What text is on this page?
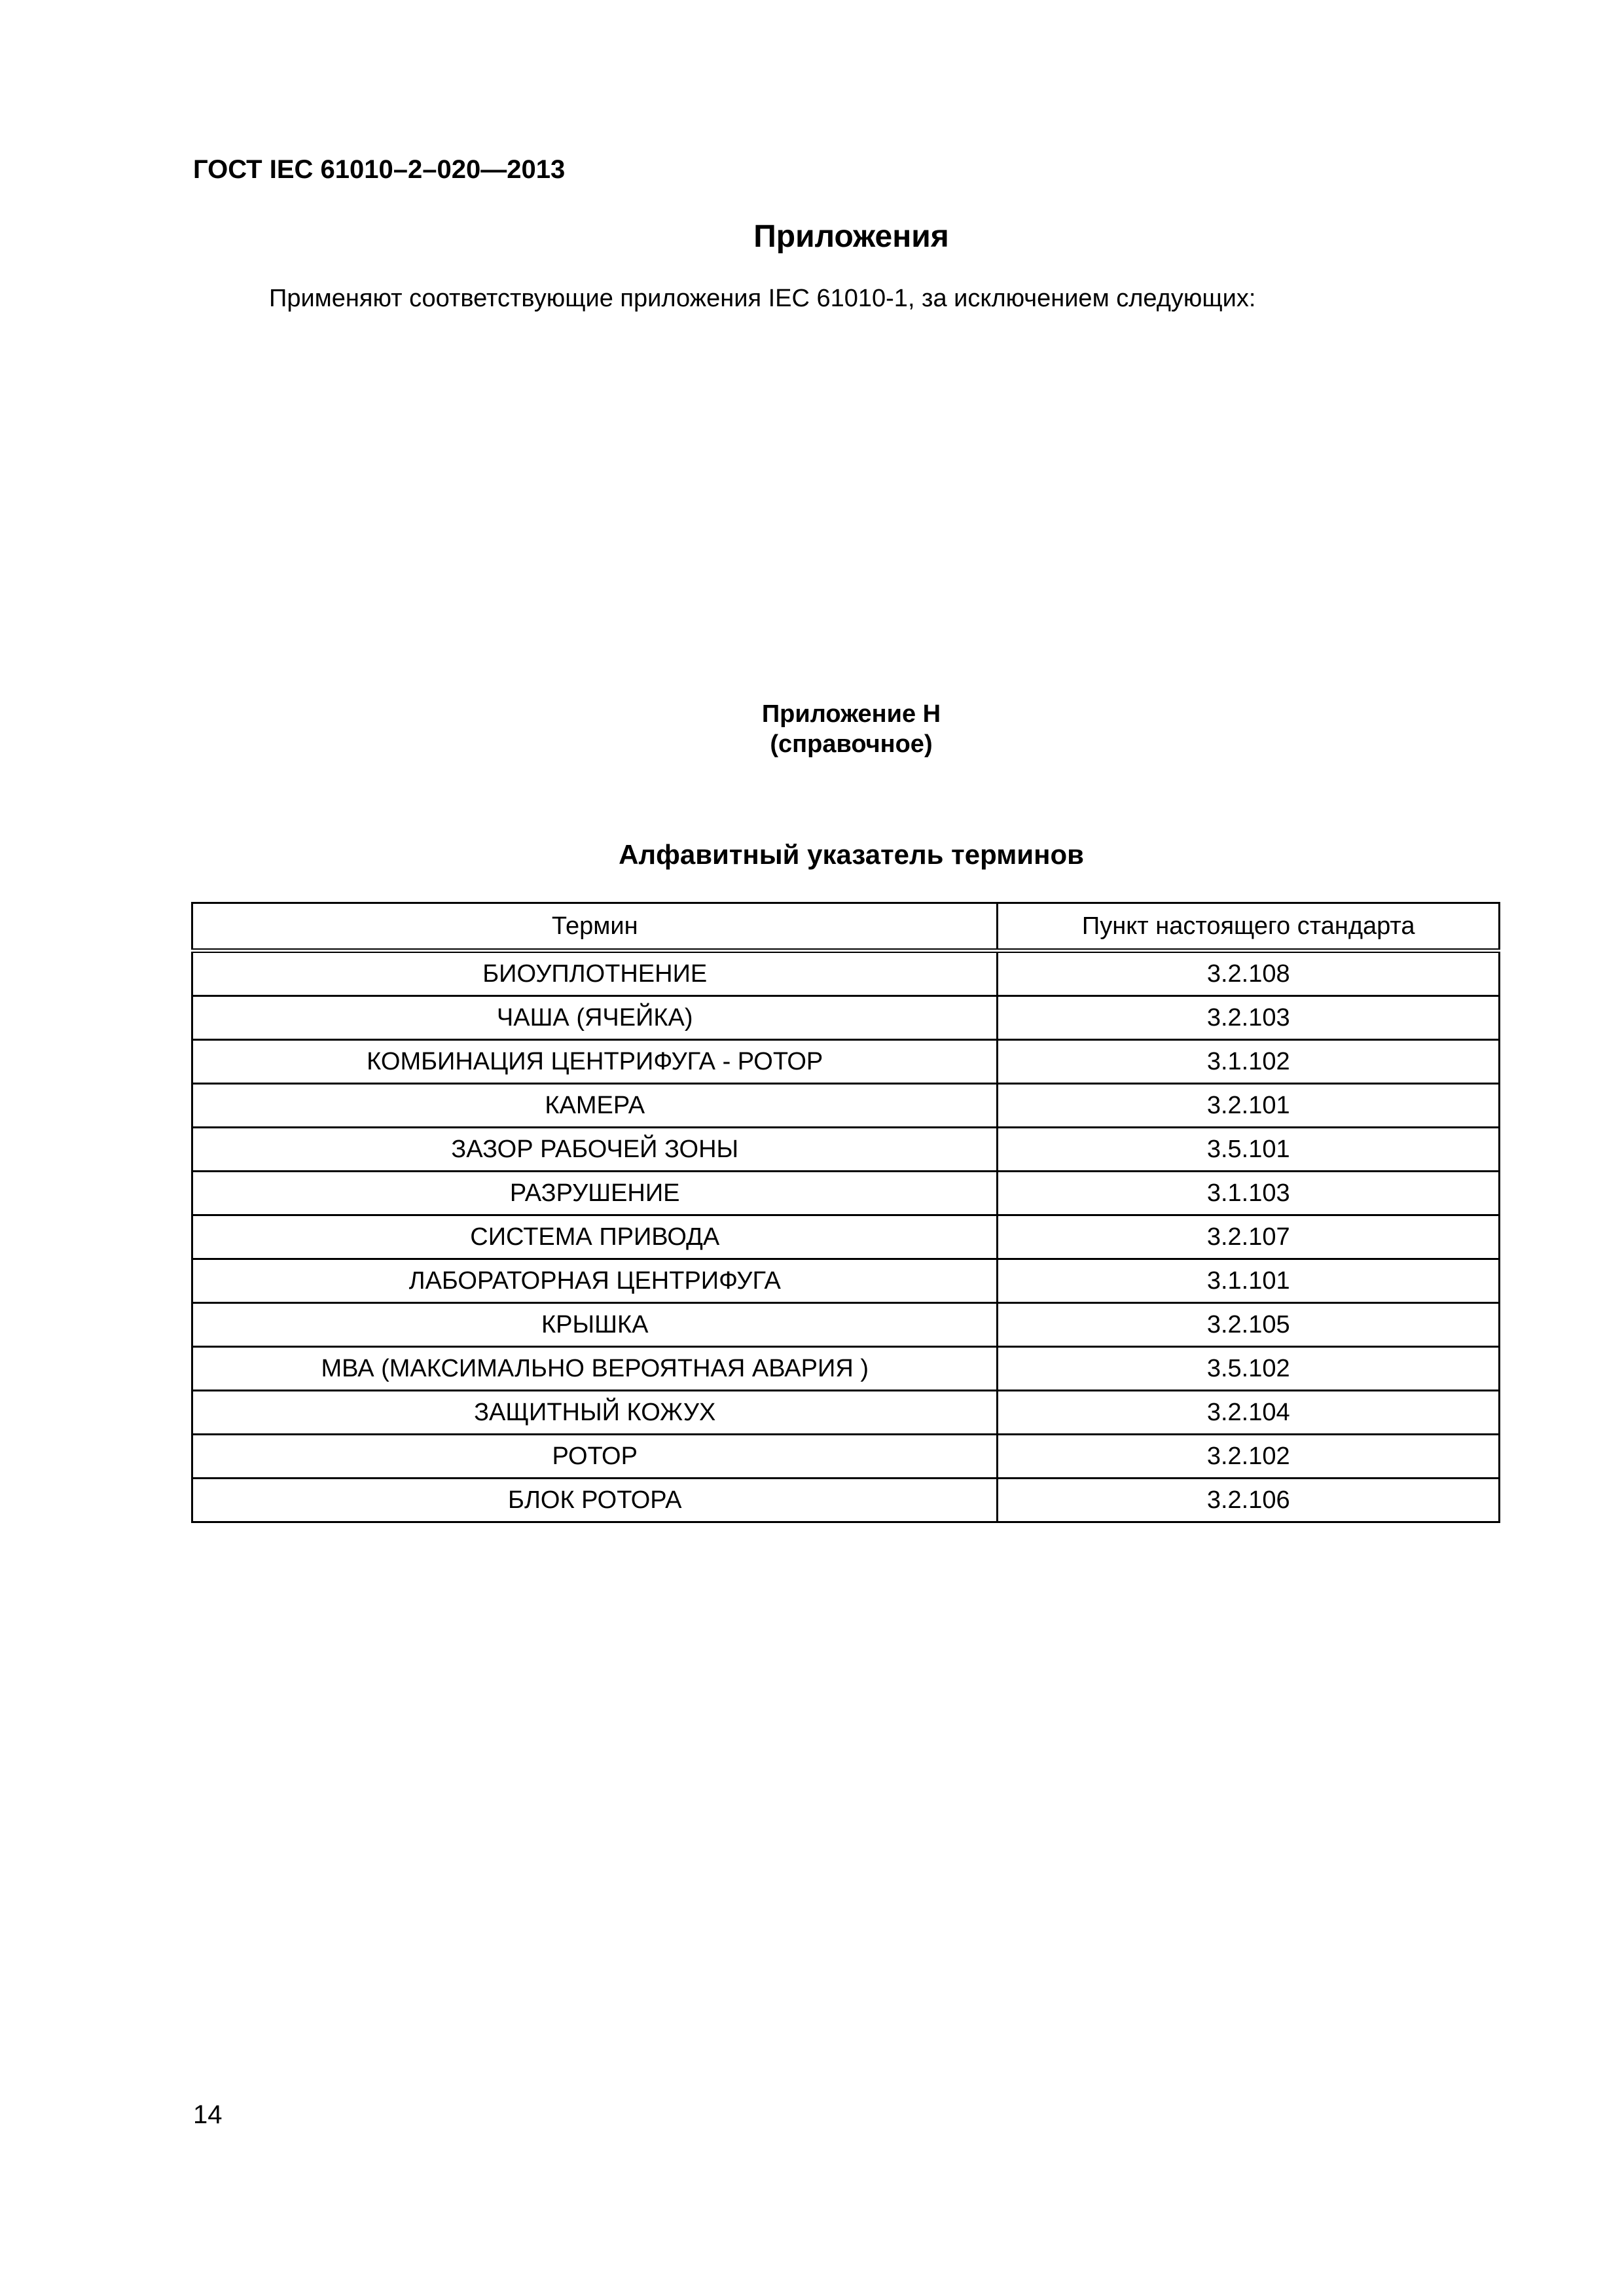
ГОСТ IEC 61010–2–020—2013
Приложения
Применяют соответствующие приложения IEC 61010-1, за исключением следующих:
Приложение Н
(справочное)
Алфавитный указатель терминов
Термин	Пункт настоящего стандарта
БИОУПЛОТНЕНИЕ	3.2.108
ЧАША (ЯЧЕЙКА)	3.2.103
КОМБИНАЦИЯ ЦЕНТРИФУГА - РОТОР	3.1.102
КАМЕРА	3.2.101
ЗАЗОР РАБОЧЕЙ ЗОНЫ	3.5.101
РАЗРУШЕНИЕ	3.1.103
СИСТЕМА ПРИВОДА	3.2.107
ЛАБОРАТОРНАЯ ЦЕНТРИФУГА	3.1.101
КРЫШКА	3.2.105
МВА (МАКСИМАЛЬНО ВЕРОЯТНАЯ АВАРИЯ )	3.5.102
ЗАЩИТНЫЙ КОЖУХ	3.2.104
РОТОР	3.2.102
БЛОК РОТОРА	3.2.106
14
